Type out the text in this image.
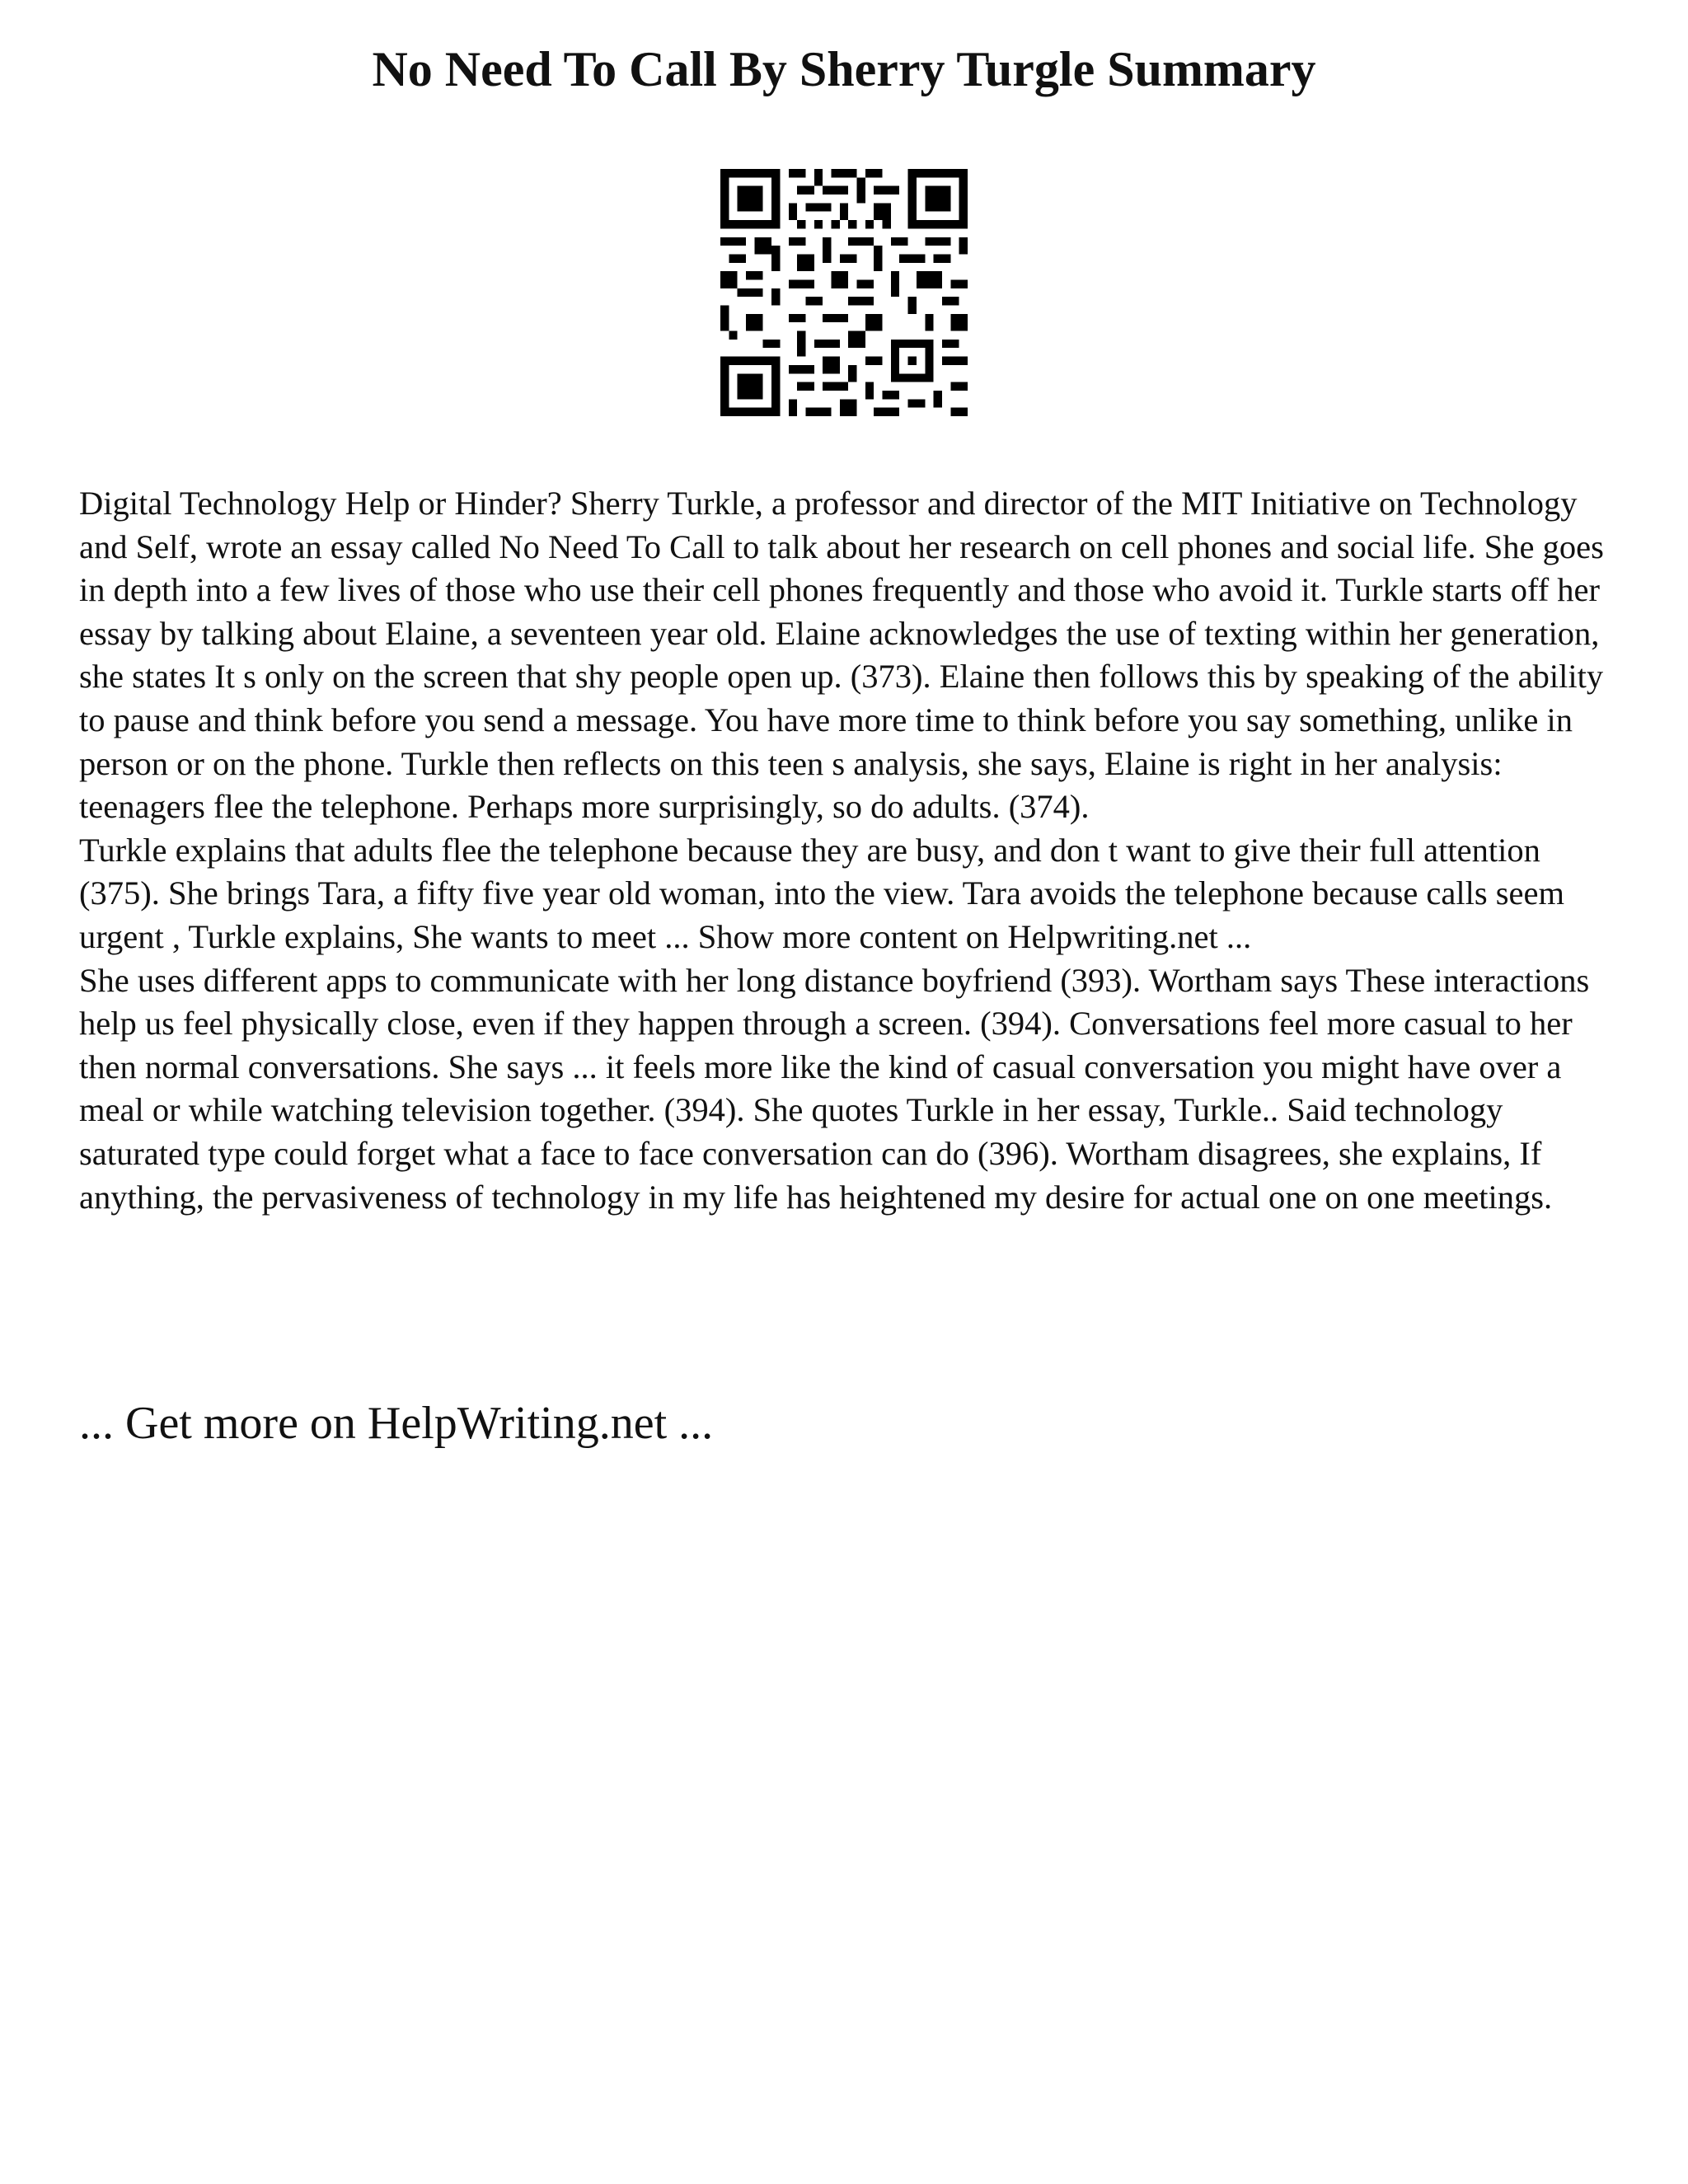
No Need To Call By Sherry Turgle Summary

Digital Technology Help or Hinder? Sherry Turkle, a professor and director of the MIT Initiative on Technology and Self, wrote an essay called No Need To Call to talk about her research on cell phones and social life. She goes in depth into a few lives of those who use their cell phones frequently and those who avoid it. Turkle starts off her essay by talking about Elaine, a seventeen year old. Elaine acknowledges the use of texting within her generation, she states It s only on the screen that shy people open up. (373). Elaine then follows this by speaking of the ability to pause and think before you send a message. You have more time to think before you say something, unlike in person or on the phone. Turkle then reflects on this teen s analysis, she says, Elaine is right in her analysis: teenagers flee the telephone. Perhaps more surprisingly, so do adults. (374).

Turkle explains that adults flee the telephone because they are busy, and don t want to give their full attention (375). She brings Tara, a fifty five year old woman, into the view. Tara avoids the telephone because calls seem urgent , Turkle explains, She wants to meet ... Show more content on Helpwriting.net ...

She uses different apps to communicate with her long distance boyfriend (393). Wortham says These interactions help us feel physically close, even if they happen through a screen. (394). Conversations feel more casual to her then normal conversations. She says ... it feels more like the kind of casual conversation you might have over a meal or while watching television together. (394). She quotes Turkle in her essay, Turkle.. Said technology saturated type could forget what a face to face conversation can do (396). Wortham disagrees, she explains, If anything, the pervasiveness of technology in my life has heightened my desire for actual one on one meetings.

... Get more on HelpWriting.net ...
